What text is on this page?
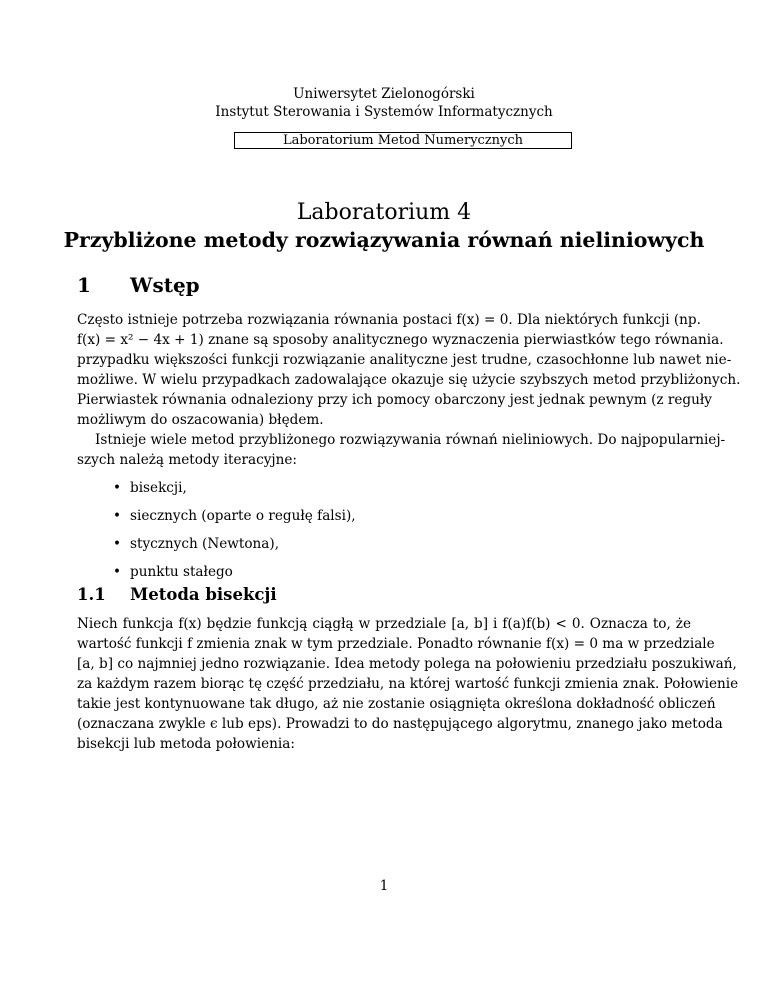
Uniwersytet Zielonogórski
Instytut Sterowania i Systemów Informatycznych
Laboratorium Metod Numerycznych
Laboratorium 4
Przybliżone metody rozwiązywania równań nieliniowych
1 Wstęp
Często istnieje potrzeba rozwiązania równania postaci f(x) = 0. Dla niektórych funkcji (np.
f(x) = x² − 4x + 1) znane są sposoby analitycznego wyznaczenia pierwiastków tego równania.
przypadku większości funkcji rozwiązanie analityczne jest trudne, czasochłonne lub nawet nie-
możliwe. W wielu przypadkach zadowalające okazuje się użycie szybszych metod przybliżonych.
Pierwiastek równania odnaleziony przy ich pomocy obarczony jest jednak pewnym (z reguły
możliwym do oszacowania) błędem.
Istnieje wiele metod przybliżonego rozwiązywania równań nieliniowych. Do najpopularniej-
szych należą metody iteracyjne:
• bisekcji,
• siecznych (oparte o regułę falsi),
• stycznych (Newtona),
• punktu stałego
1.1 Metoda bisekcji
Niech funkcja f(x) będzie funkcją ciągłą w przedziale [a, b] i f(a)f(b) < 0. Oznacza to, że
wartość funkcji f zmienia znak w tym przedziale. Ponadto równanie f(x) = 0 ma w przedziale
[a, b] co najmniej jedno rozwiązanie. Idea metody polega na połowieniu przedziału poszukiwań,
za każdym razem biorąc tę część przedziału, na której wartość funkcji zmienia znak. Połowienie
takie jest kontynuowane tak długo, aż nie zostanie osiągnięta określona dokładność obliczeń
(oznaczana zwykle ϵ lub eps). Prowadzi to do następującego algorytmu, znanego jako metoda
bisekcji lub metoda połowienia:
1
